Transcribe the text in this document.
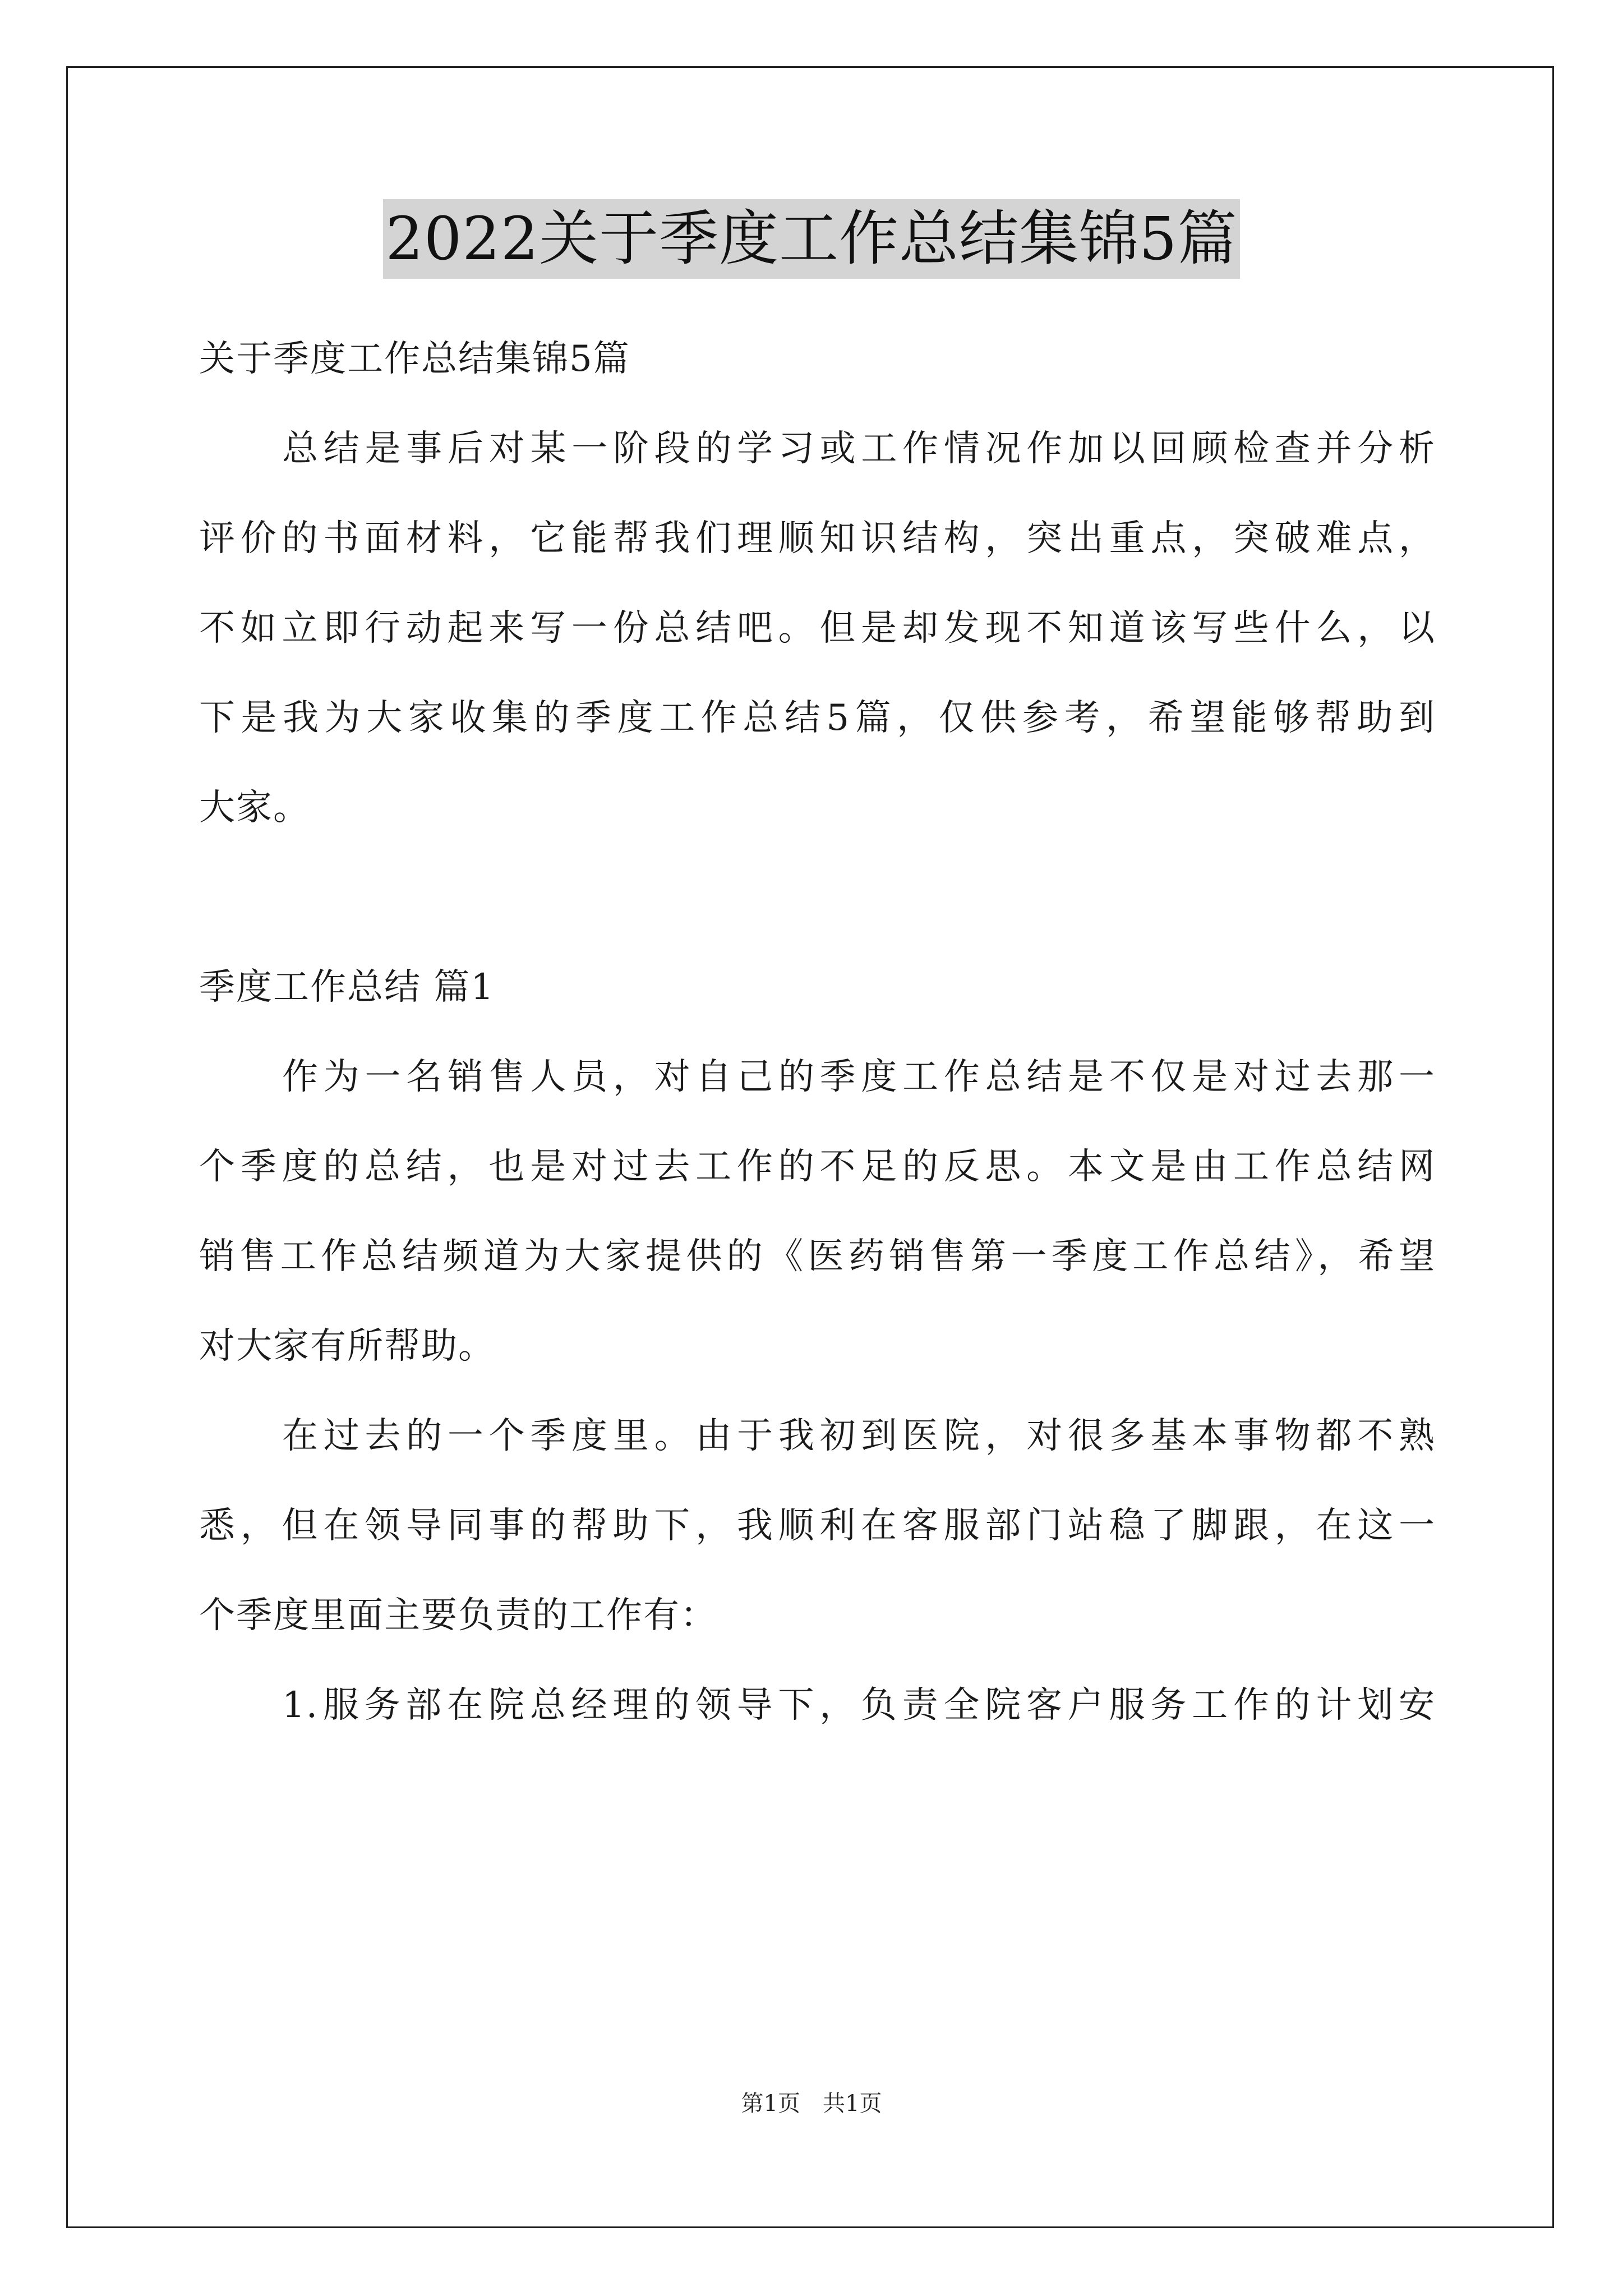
2022关于季度工作总结集锦5篇
关于季度工作总结集锦5篇
总结是事后对某一阶段的学习或工作情况作加以回顾检查并分析
评价的书面材料，它能帮我们理顺知识结构，突出重点，突破难点，
不如立即行动起来写一份总结吧。但是却发现不知道该写些什么，以
下是我为大家收集的季度工作总结5篇，仅供参考，希望能够帮助到
大家。
季度工作总结 篇1
作为一名销售人员，对自己的季度工作总结是不仅是对过去那一
个季度的总结，也是对过去工作的不足的反思。本文是由工作总结网
销售工作总结频道为大家提供的《医药销售第一季度工作总结》，希望
对大家有所帮助。
在过去的一个季度里。由于我初到医院，对很多基本事物都不熟
悉，但在领导同事的帮助下，我顺利在客服部门站稳了脚跟，在这一
个季度里面主要负责的工作有：
1.服务部在院总经理的领导下，负责全院客户服务工作的计划安
第1页　共1页
